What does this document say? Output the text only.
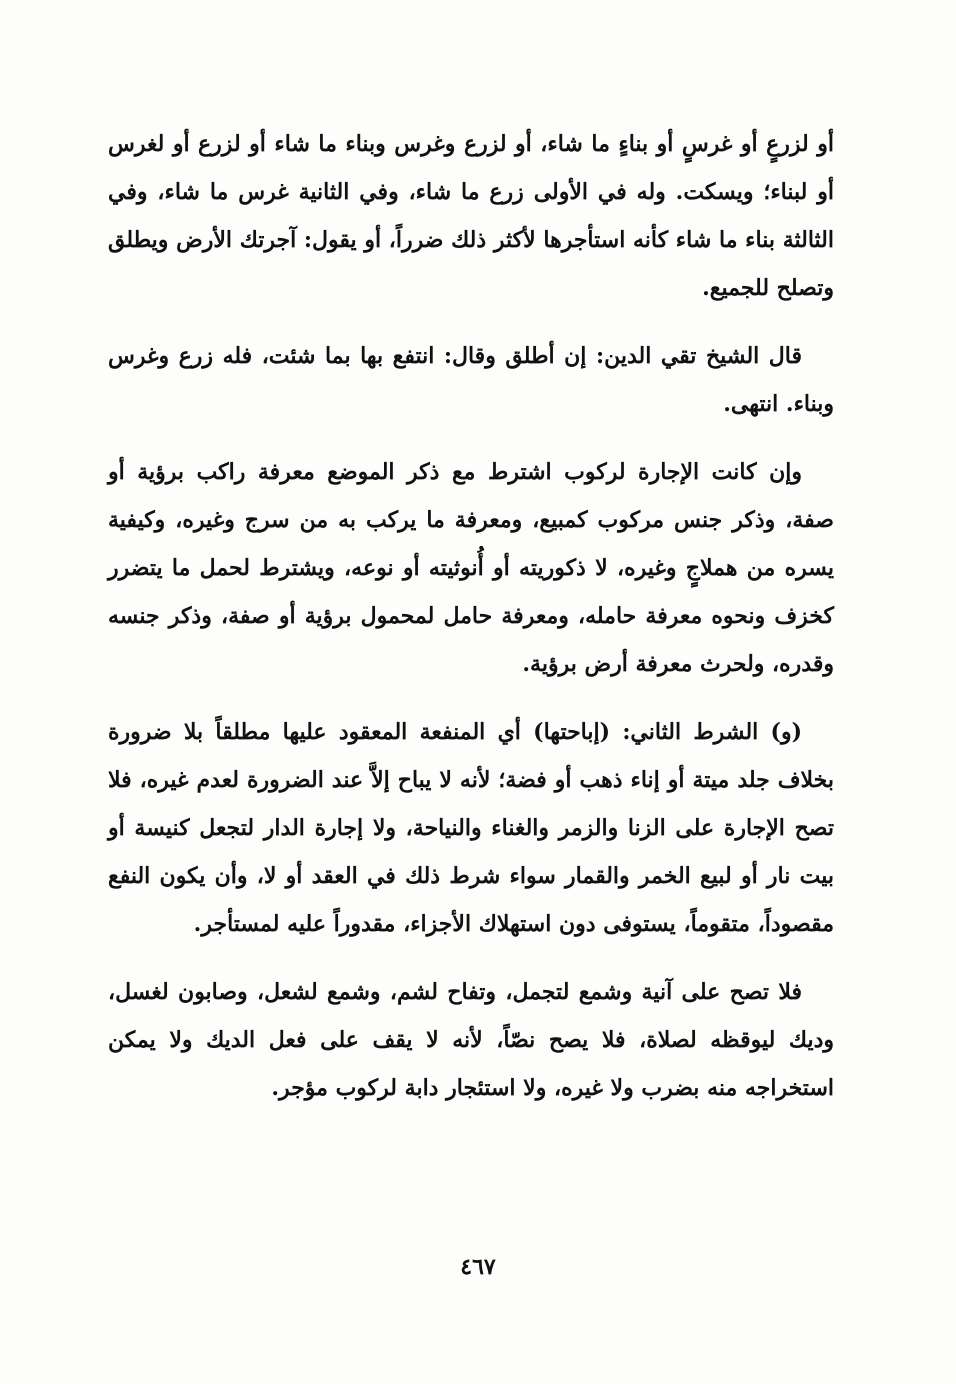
أو لزرعٍ أو غرسٍ أو بناءٍ ما شاء، أو لزرع وغرس وبناء ما شاء أو لزرع أو لغرس أو لبناء؛ ويسكت. وله في الأولى زرع ما شاء، وفي الثانية غرس ما شاء، وفي الثالثة بناء ما شاء كأنه استأجرها لأكثر ذلك ضرراً، أو يقول: آجرتك الأرض ويطلق وتصلح للجميع.

قال الشيخ تقي الدين: إن أطلق وقال: انتفع بها بما شئت، فله زرع وغرس وبناء. انتهى.

وإن كانت الإجارة لركوب اشترط مع ذكر الموضع معرفة راكب برؤية أو صفة، وذكر جنس مركوب كمبيع، ومعرفة ما يركب به من سرج وغيره، وكيفية يسره من هملاجٍ وغيره، لا ذكوريته أو أُنوثيته أو نوعه، ويشترط لحمل ما يتضرر كخزف ونحوه معرفة حامله، ومعرفة حامل لمحمول برؤية أو صفة، وذكر جنسه وقدره، ولحرث معرفة أرض برؤية.

(و) الشرط الثاني: (إباحتها) أي المنفعة المعقود عليها مطلقاً بلا ضرورة بخلاف جلد ميتة أو إناء ذهب أو فضة؛ لأنه لا يباح إلاَّ عند الضرورة لعدم غيره، فلا تصح الإجارة على الزنا والزمر والغناء والنياحة، ولا إجارة الدار لتجعل كنيسة أو بيت نار أو لبيع الخمر والقمار سواء شرط ذلك في العقد أو لا، وأن يكون النفع مقصوداً، متقوماً، يستوفى دون استهلاك الأجزاء، مقدوراً عليه لمستأجر.

فلا تصح على آنية وشمع لتجمل، وتفاح لشم، وشمع لشعل، وصابون لغسل، وديك ليوقظه لصلاة، فلا يصح نصّاً، لأنه لا يقف على فعل الديك ولا يمكن استخراجه منه بضرب ولا غيره، ولا استئجار دابة لركوب مؤجر.

٤٦٧
